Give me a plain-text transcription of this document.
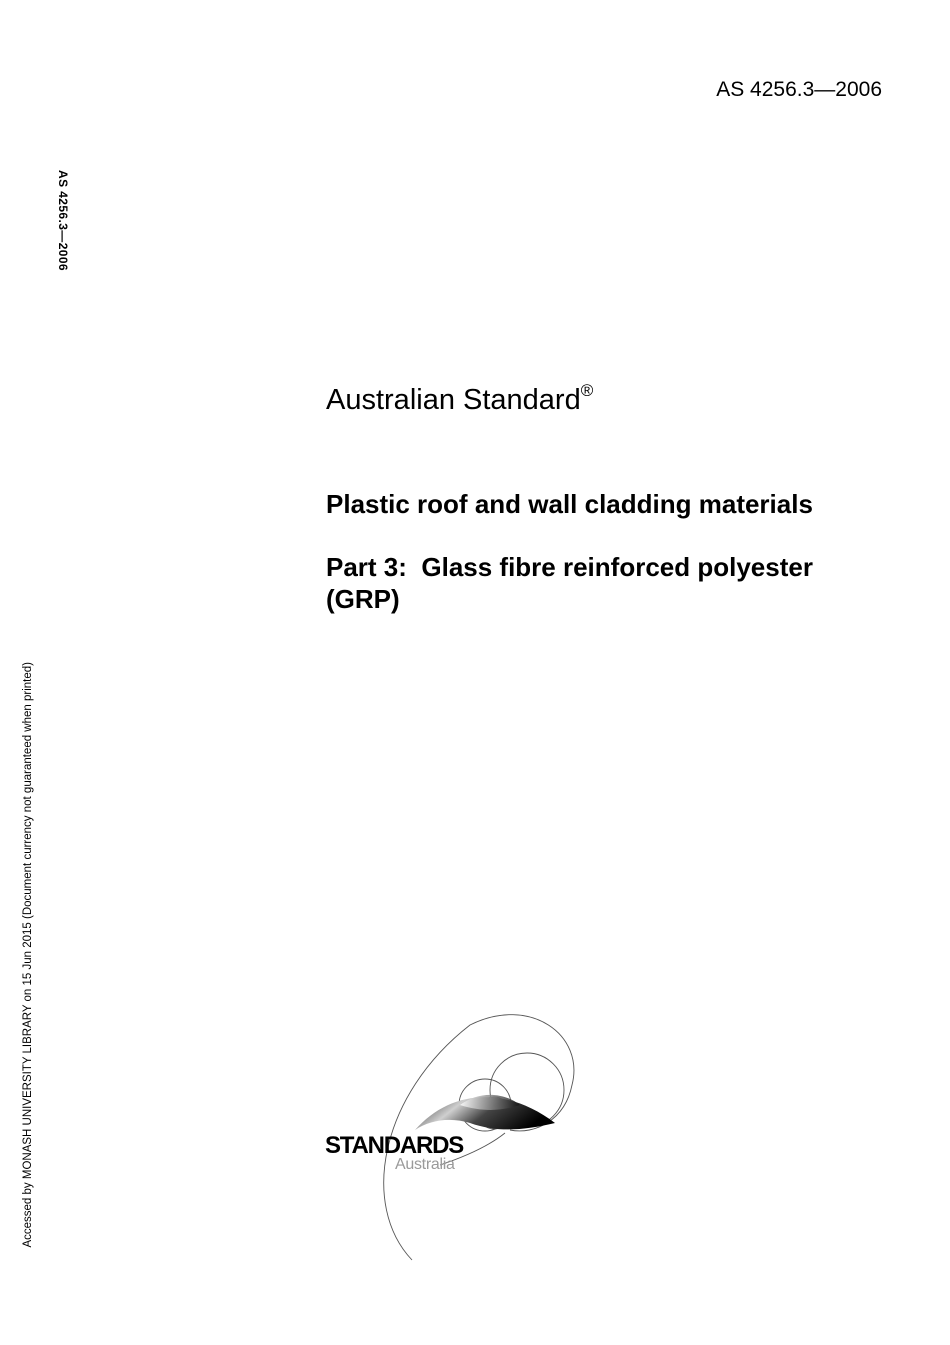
AS 4256.3—2006
AS 4256.3—2006
Accessed by MONASH UNIVERSITY LIBRARY on 15 Jun 2015 (Document currency not guaranteed when printed)
Australian Standard®
Plastic roof and wall cladding materials
Part 3:  Glass fibre reinforced polyester
(GRP)
STANDARDS
Australia
